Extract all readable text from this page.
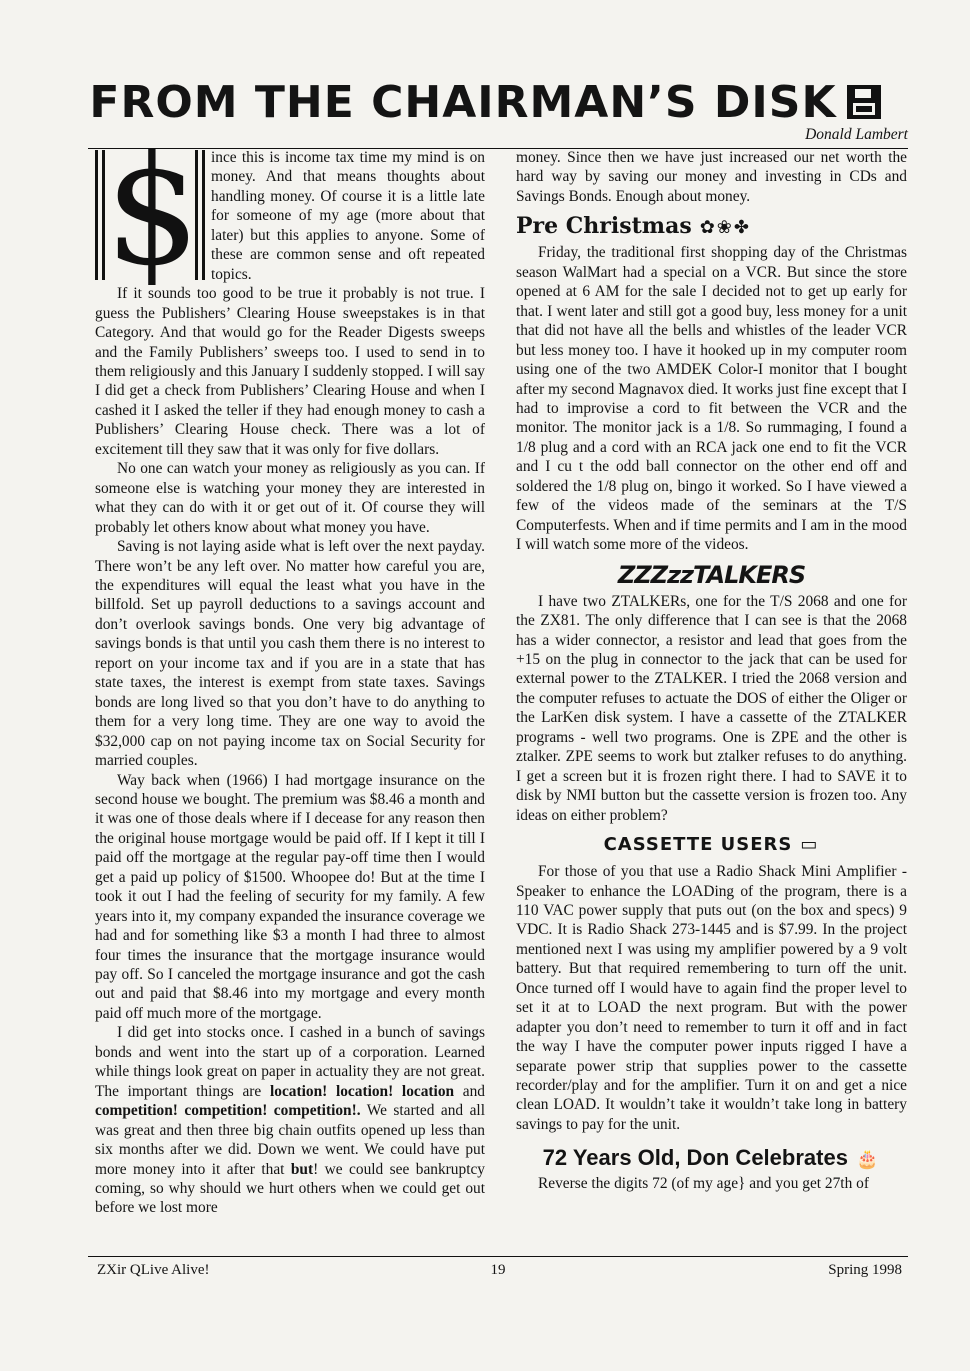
FROM THE CHAIRMAN’S DISK
Donald Lambert
$ ince this is income tax time my mind is on money. And that means thoughts about handling money. Of course it is a little late for someone of my age (more about that later) but this applies to anyone. Some of these are common sense and oft repeated topics.

If it sounds too good to be true it probably is not true. I guess the Publishers’ Clearing House sweepstakes is in that Category. And that would go for the Reader Digests sweeps and the Family Publishers’ sweeps too. I used to send in to them religiously and this January I suddenly stopped. I will say I did get a check from Publishers’ Clearing House and when I cashed it I asked the teller if they had enough money to cash a Publishers’ Clearing House check. There was a lot of excitement till they saw that it was only for five dollars.

No one can watch your money as religiously as you can. If someone else is watching your money they are interested in what they can do with it or get out of it. Of course they will probably let others know about what money you have.

Saving is not laying aside what is left over the next payday. There won’t be any left over. No matter how careful you are, the expenditures will equal the least what you have in the billfold. Set up payroll deductions to a savings account and don’t overlook savings bonds. One very big advantage of savings bonds is that until you cash them there is no interest to report on your income tax and if you are in a state that has state taxes, the interest is exempt from state taxes. Savings bonds are long lived so that you don’t have to do anything to them for a very long time. They are one way to avoid the $32,000 cap on not paying income tax on Social Security for married couples.

Way back when (1966) I had mortgage insurance on the second house we bought. The premium was $8.46 a month and it was one of those deals where if I decease for any reason then the original house mortgage would be paid off. If I kept it till I paid off the mortgage at the regular pay-off time then I would get a paid up policy of $1500. Whoopee do! But at the time I took it out I had the feeling of security for my family. A few years into it, my company expanded the insurance coverage we had and for something like $3 a month I had three to almost four times the insurance that the mortgage insurance would pay off. So I canceled the mortgage insurance and got the cash out and paid that $8.46 into my mortgage and every month paid off much more of the mortgage.

I did get into stocks once. I cashed in a bunch of savings bonds and went into the start up of a corporation. Learned while things look great on paper in actuality they are not great. The important things are location! location! location and competition! competition! competition!. We started and all was great and then three big chain outfits opened up less than six months after we did. Down we went. We could have put more money into it after that but! we could see bankruptcy coming, so why should we hurt others when we could get out before we lost more

money. Since then we have just increased our net worth the hard way by saving our money and investing in CDs and Savings Bonds. Enough about money.

Pre Christmas ✿❀✤

Friday, the traditional first shopping day of the Christmas season WalMart had a special on a VCR. But since the store opened at 6 AM for the sale I decided not to get up early for that. I went later and still got a good buy, less money for a unit that did not have all the bells and whistles of the leader VCR but less money too. I have it hooked up in my computer room using one of the two AMDEK Color-I monitor that I bought after my second Magnavox died. It works just fine except that I had to improvise a cord to fit between the VCR and the monitor. The monitor jack is a 1/8. So rummaging, I found a 1/8 plug and a cord with an RCA jack one end to fit the VCR and I cu t the odd ball connector on the other end off and soldered the 1/8 plug on, bingo it worked. So I have viewed a few of the videos made of the seminars at the T/S Computerfests. When and if time permits and I am in the mood I will watch some more of the videos.

ZZZzzTALKERS

I have two ZTALKERs, one for the T/S 2068 and one for the ZX81. The only difference that I can see is that the 2068 has a wider connector, a resistor and lead that goes from the +15 on the plug in connector to the jack that can be used for external power to the ZTALKER. I tried the 2068 version and the computer refuses to actuate the DOS of either the Oliger or the LarKen disk system. I have a cassette of the ZTALKER programs - well two programs. One is ZPE and the other is ztalker. ZPE seems to work but ztalker refuses to do anything. I get a screen but it is frozen right there. I had to SAVE it to disk by NMI button but the cassette version is frozen too. Any ideas on either problem?

CASSETTE USERS ▭

For those of you that use a Radio Shack Mini Amplifier - Speaker to enhance the LOADing of the program, there is a 110 VAC power supply that puts out (on the box and specs) 9 VDC. It is Radio Shack 273-1445 and is $7.99. In the project mentioned next I was using my amplifier powered by a 9 volt battery. But that required remembering to turn off the unit. Once turned off I would have to again find the proper level to set it at to LOAD the next program. But with the power adapter you don’t need to remember to turn it off and in fact the way I have the computer power inputs rigged I have a separate power strip that supplies power to the cassette recorder/play and for the amplifier. Turn it on and get a nice clean LOAD. It wouldn’t take it wouldn’t take long in battery savings to pay for the unit.

72 Years Old, Don Celebrates 🎂

Reverse the digits 72 (of my age} and you get 27th of

ZXir QLive Alive!	19	Spring 1998
